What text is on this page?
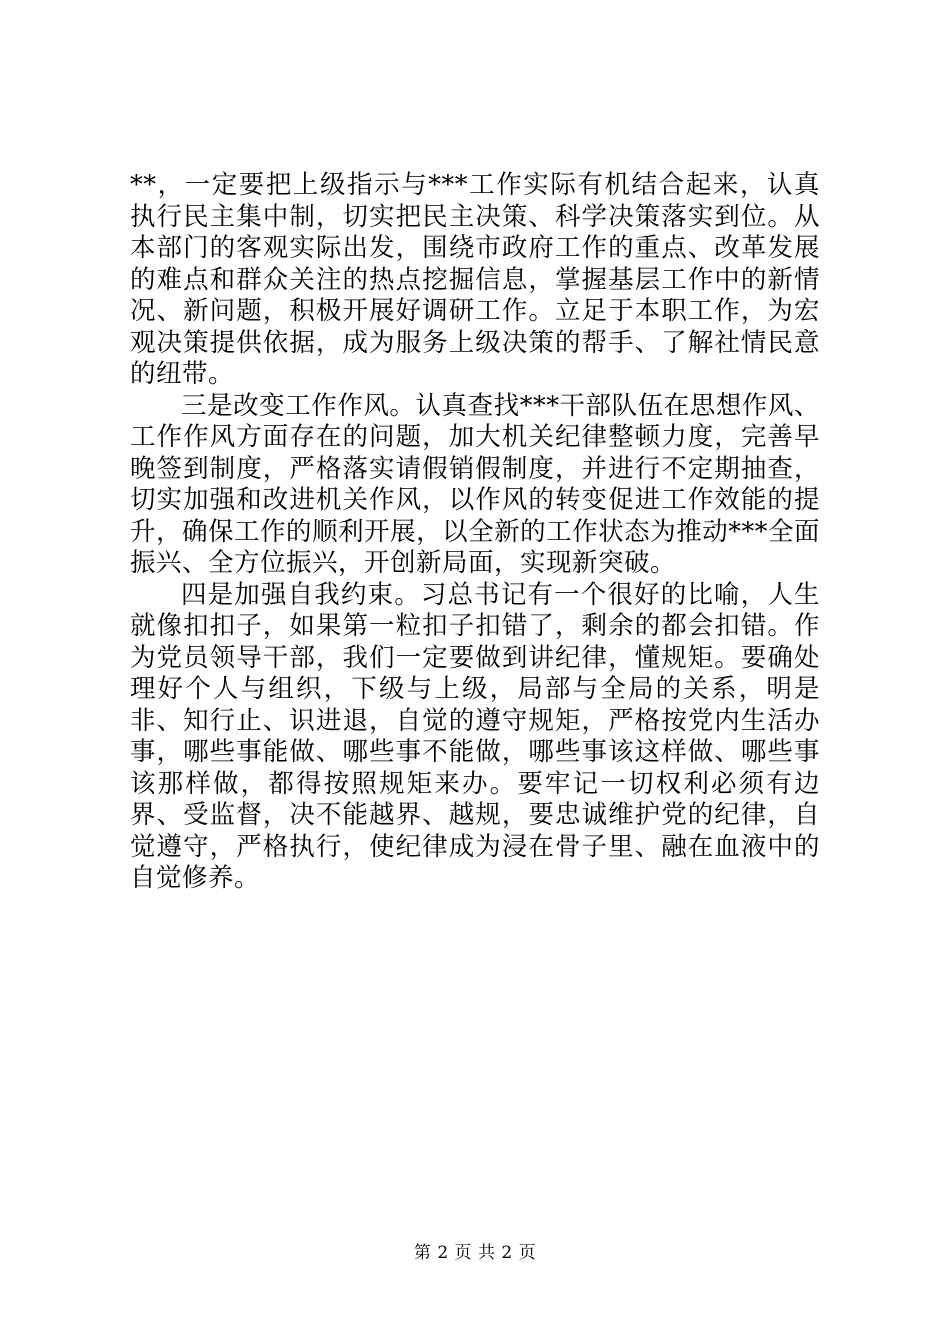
**，一定要把上级指示与***工作实际有机结合起来，认真执行民主集中制，切实把民主决策、科学决策落实到位。从本部门的客观实际出发，围绕市政府工作的重点、改革发展的难点和群众关注的热点挖掘信息，掌握基层工作中的新情况、新问题，积极开展好调研工作。立足于本职工作，为宏观决策提供依据，成为服务上级决策的帮手、了解社情民意的纽带。

三是改变工作作风。认真查找***干部队伍在思想作风、工作作风方面存在的问题，加大机关纪律整顿力度，完善早晚签到制度，严格落实请假销假制度，并进行不定期抽查，切实加强和改进机关作风，以作风的转变促进工作效能的提升，确保工作的顺利开展，以全新的工作状态为推动***全面振兴、全方位振兴，开创新局面，实现新突破。

四是加强自我约束。习总书记有一个很好的比喻，人生就像扣扣子，如果第一粒扣子扣错了，剩余的都会扣错。作为党员领导干部，我们一定要做到讲纪律，懂规矩。要确处理好个人与组织，下级与上级，局部与全局的关系，明是非、知行止、识进退，自觉的遵守规矩，严格按党内生活办事，哪些事能做、哪些事不能做，哪些事该这样做、哪些事该那样做，都得按照规矩来办。要牢记一切权利必须有边界、受监督，决不能越界、越规，要忠诚维护党的纪律，自觉遵守，严格执行，使纪律成为浸在骨子里、融在血液中的自觉修养。

第 2 页 共 2 页
